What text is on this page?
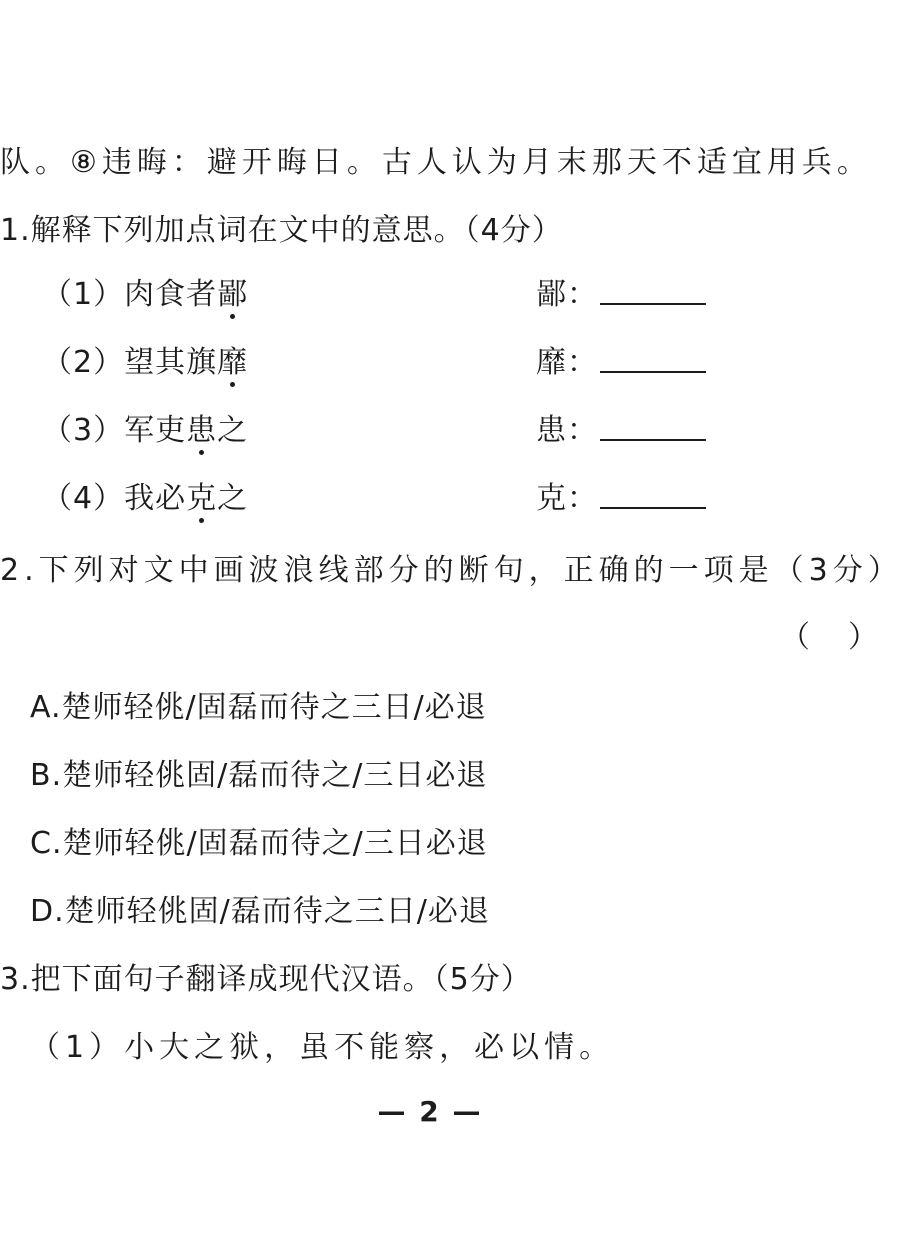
队。⑧违晦：避开晦日。古人认为月末那天不适宜用兵。
1.解释下列加点词在文中的意思。（4分）
（1）肉食者鄙	鄙：
（2）望其旗靡	靡：
（3）军吏患之	患：
（4）我必克之	克：
2.下列对文中画波浪线部分的断句，正确的一项是（3分）
（ ）
A.楚师轻佻/固磊而待之三日/必退
B.楚师轻佻固/磊而待之/三日必退
C.楚师轻佻/固磊而待之/三日必退
D.楚师轻佻固/磊而待之三日/必退
3.把下面句子翻译成现代汉语。（5分）
（1）小大之狱，虽不能察，必以情。
— 2 —
